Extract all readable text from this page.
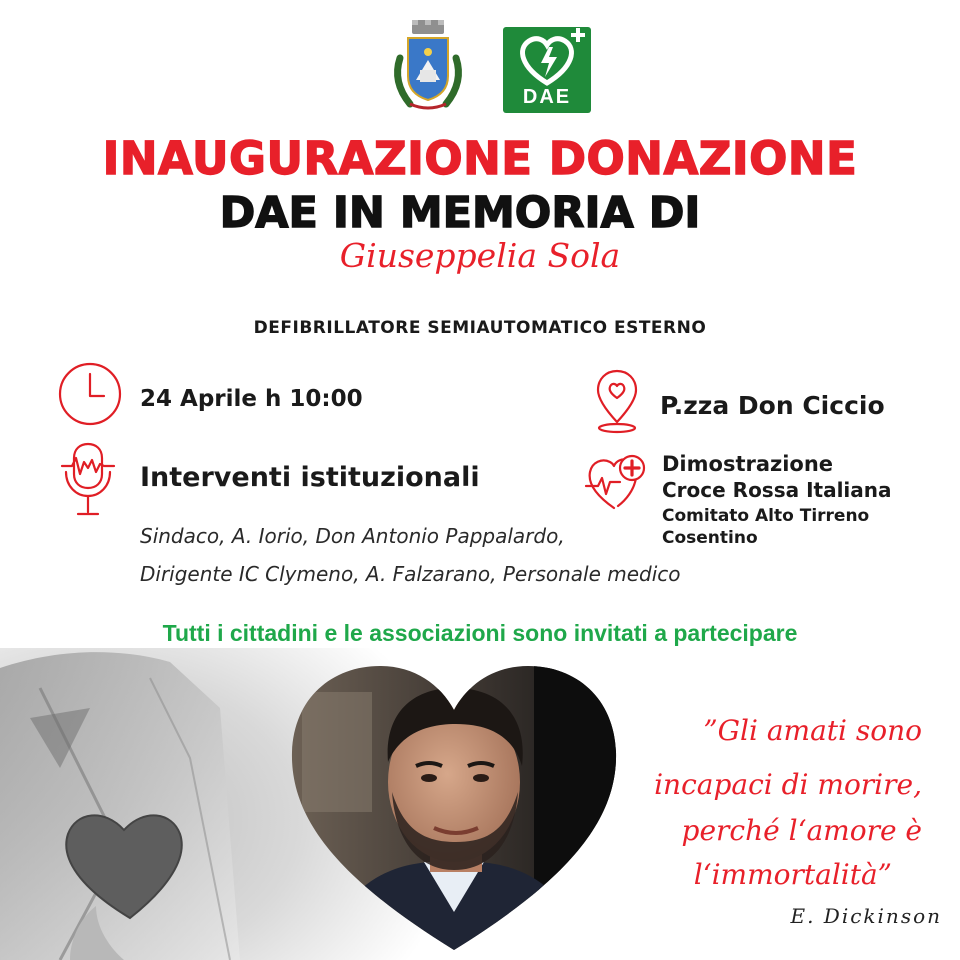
DAE
INAUGURAZIONE DONAZIONE
DAE IN MEMORIA DI
Giuseppelia Sola
DEFIBRILLATORE SEMIAUTOMATICO ESTERNO
24 Aprile h 10:00	P.zza Don Ciccio
Interventi istituzionali
Sindaco, A. Iorio, Don Antonio Pappalardo,
Dirigente IC Clymeno, A. Falzarano, Personale medico
Dimostrazione
Croce Rossa Italiana
Comitato Alto Tirreno
Cosentino
Tutti i cittadini e le associazioni sono invitati a partecipare
”Gli amati sono
incapaci di morire,
perché l‘amore è
l‘immortalità”
E. Dickinson
